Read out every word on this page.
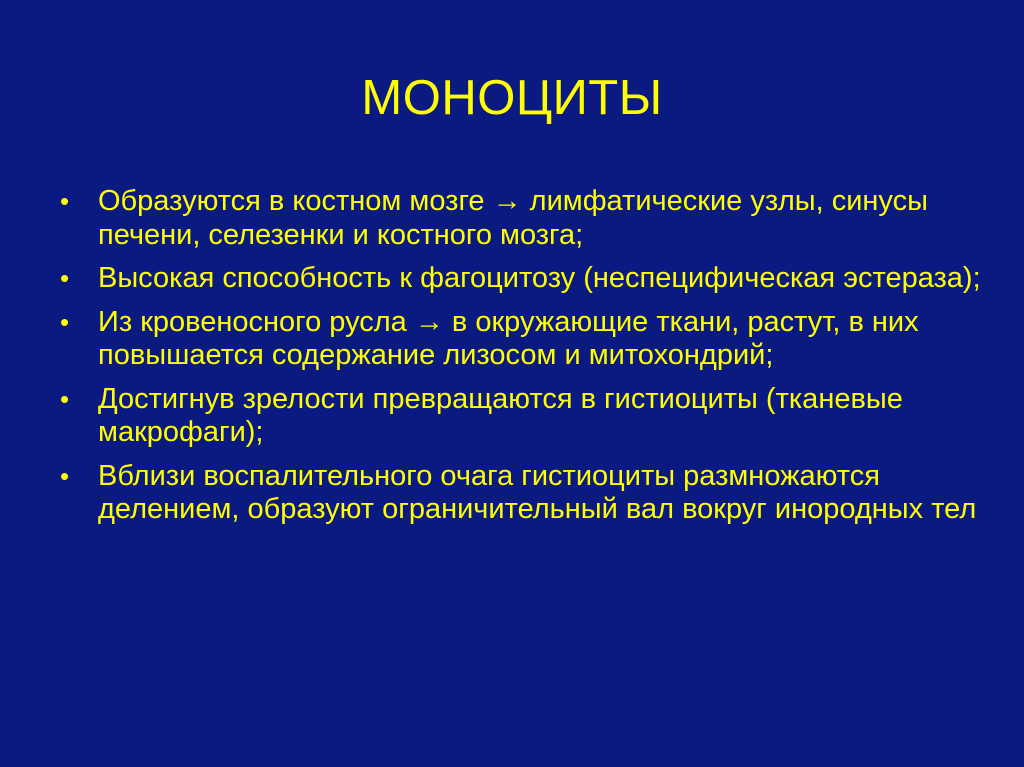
МОНОЦИТЫ
• Образуются в костном мозге → лимфатические узлы, синусы печени, селезенки и костного мозга;
• Высокая способность к фагоцитозу (неспецифическая эстераза);
• Из кровеносного русла → в окружающие ткани, растут, в них повышается содержание лизосом и митохондрий;
• Достигнув зрелости превращаются в гистиоциты (тканевые макрофаги);
• Вблизи воспалительного очага гистиоциты размножаются делением, образуют ограничительный вал вокруг инородных тел
